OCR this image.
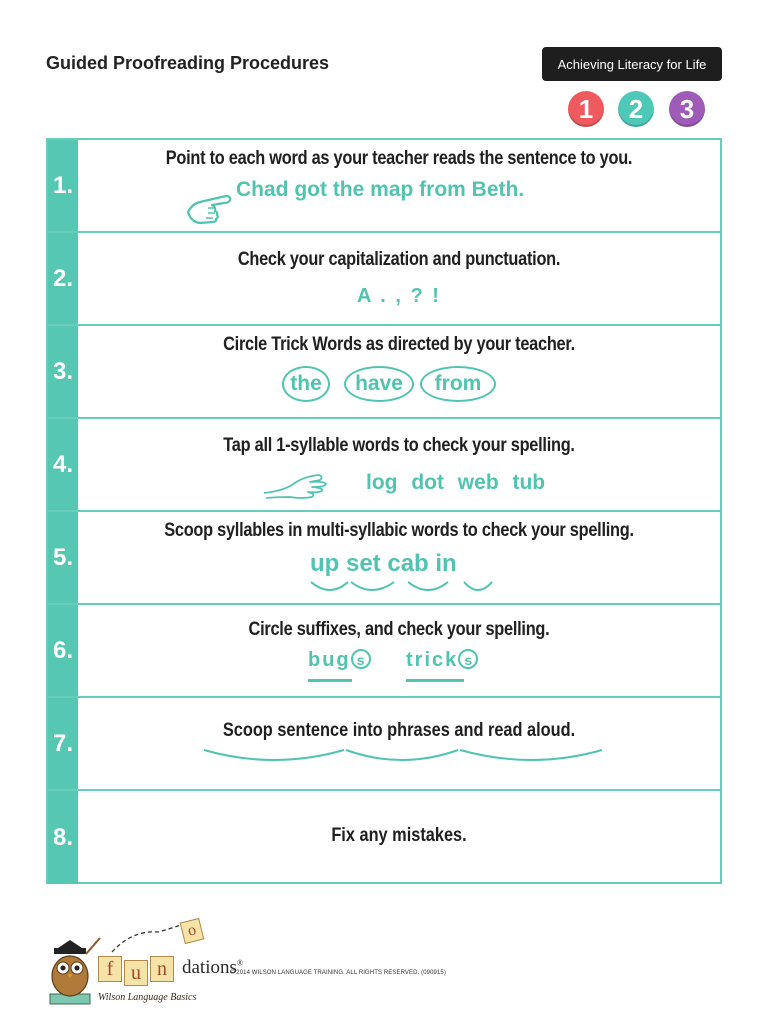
Guided Proofreading Procedures	Achieving Literacy for Life
1	2	3
1.
Point to each word as your teacher reads the sentence to you.
Chad got the map from Beth.
2.
Check your capitalization and punctuation.
A . , ? !
3.
Circle Trick Words as directed by your teacher.
the	have	from
4.
Tap all 1-syllable words to check your spelling.
log dot web tub
5.
Scoop syllables in multi-syllabic words to check your spelling.
up set cab in
6.
Circle suffixes, and check your spelling.
bug s	trick s
7.	Scoop sentence into phrases and read aloud.
8.	Fix any mistakes.
f u n
o
dations®
© 2014 WILSON LANGUAGE TRAINING. ALL RIGHTS RESERVED. (090915)
Wilson Language Basics
